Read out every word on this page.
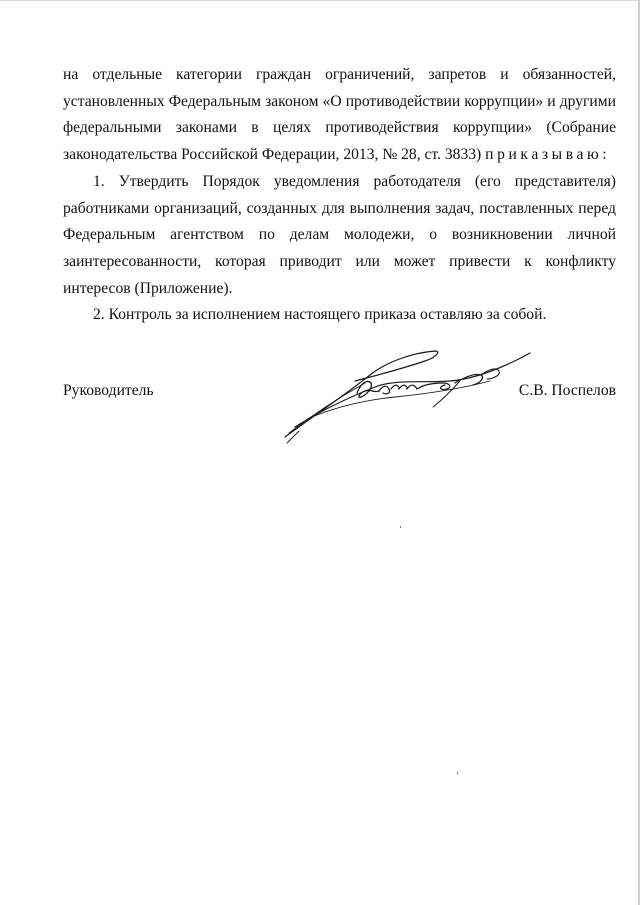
на отдельные категории граждан ограничений, запретов и обязанностей, установленных Федеральным законом «О противодействии коррупции» и другими федеральными законами в целях противодействия коррупции» (Собрание законодательства Российской Федерации, 2013, № 28, ст. 3833) приказываю:

1. Утвердить Порядок уведомления работодателя (его представителя) работниками организаций, созданных для выполнения задач, поставленных перед Федеральным агентством по делам молодежи, о возникновении личной заинтересованности, которая приводит или может привести к конфликту интересов (Приложение).

2. Контроль за исполнением настоящего приказа оставляю за собой.

Руководитель	С.В. Поспелов
